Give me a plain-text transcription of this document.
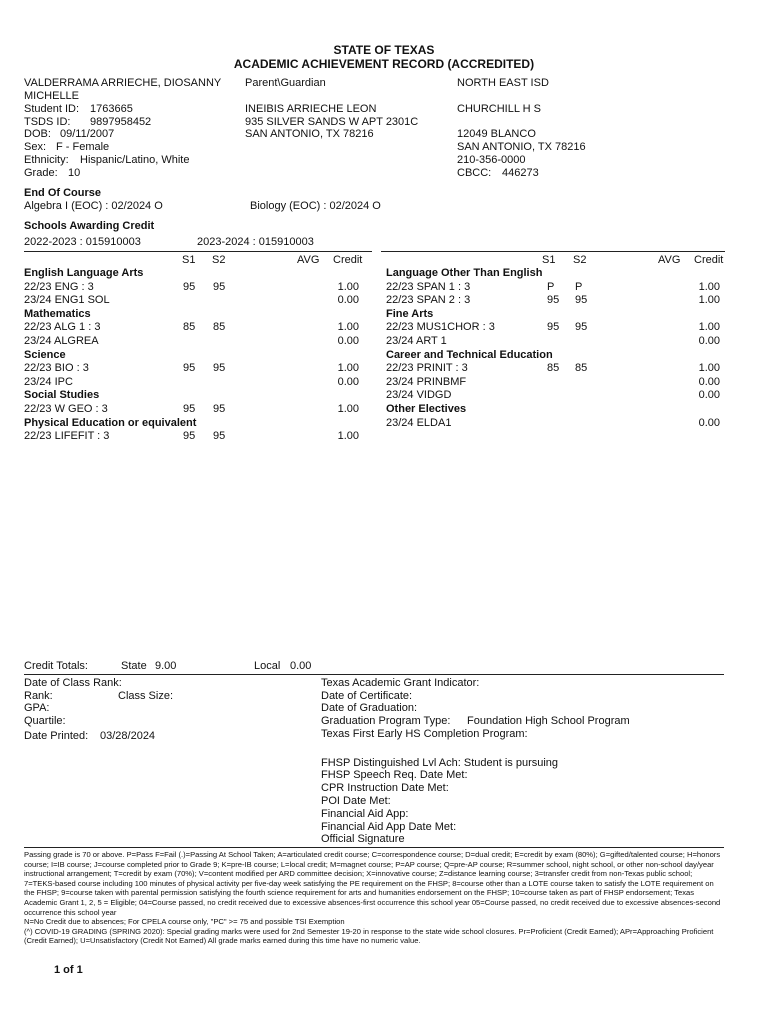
STATE OF TEXAS
ACADEMIC ACHIEVEMENT RECORD (ACCREDITED)
VALDERRAMA ARRIECHE, DIOSANNY
MICHELLE
Student ID: 1763665
TSDS ID: 9897958452
DOB: 09/11/2007
Sex: F - Female
Ethnicity: Hispanic/Latino, White
Grade: 10
Parent\Guardian
INEIBIS ARRIECHE LEON
935 SILVER SANDS W APT 2301C
SAN ANTONIO, TX 78216
NORTH EAST ISD
CHURCHILL H S
12049 BLANCO
SAN ANTONIO, TX 78216
210-356-0000
CBCC: 446273
End Of Course
Algebra I (EOC) : 02/2024 O	Biology (EOC) : 02/2024 O
Schools Awarding Credit
2022-2023 : 015910003	2023-2024 : 015910003
S1 S2	AVG Credit	S1 S2	AVG Credit
English Language Arts
22/23 ENG : 3	95 95	1.00
23/24 ENG1 SOL	0.00
Mathematics
22/23 ALG 1 : 3	85 85	1.00
23/24 ALGREA	0.00
Science
22/23 BIO : 3	95 95	1.00
23/24 IPC	0.00
Social Studies
22/23 W GEO : 3	95 95	1.00
Physical Education or equivalent
22/23 LIFEFIT : 3	95 95	1.00
Language Other Than English
22/23 SPAN 1 : 3	P P	1.00
22/23 SPAN 2 : 3	95 95	1.00
Fine Arts
22/23 MUS1CHOR : 3	95 95	1.00
23/24 ART 1	0.00
Career and Technical Education
22/23 PRINIT : 3	85 85	1.00
23/24 PRINBMF	0.00
23/24 VIDGD	0.00
Other Electives
23/24 ELDA1	0.00
Credit Totals:	State 9.00	Local 0.00
Date of Class Rank:
Rank:	Class Size:
GPA:
Quartile:
Date Printed: 03/28/2024
Texas Academic Grant Indicator:
Date of Certificate:
Date of Graduation:
Graduation Program Type: Foundation High School Program
Texas First Early HS Completion Program:
FHSP Distinguished Lvl Ach: Student is pursuing
FHSP Speech Req. Date Met:
CPR Instruction Date Met:
POI Date Met:
Financial Aid App:
Financial Aid App Date Met:
Official Signature

Passing grade is 70 or above. P=Pass F=Fail (.)=Passing At School Taken; A=articulated credit course; C=correspondence course; D=dual credit; E=credit by exam (80%); G=gifted/talented course; H=honors course; I=IB course; J=course completed prior to Grade 9; K=pre-IB course; L=local credit; M=magnet course; P=AP course; Q=pre-AP course; R=summer school, night school, or other non-school day/year instructional arrangement; T=credit by exam (70%); V=content modified per ARD committee decision; X=innovative course; Z=distance learning course; 3=transfer credit from non-Texas public school; 7=TEKS-based course including 100 minutes of physical activity per five-day week satisfying the PE requirement on the FHSP; 8=course other than a LOTE course taken to satisfy the LOTE requirement on the FHSP; 9=course taken with parental permission satisfying the fourth science requirement for arts and humanities endorsement on the FHSP; 10=course taken as part of FHSP endorsement; Texas Academic Grant 1, 2, 5 = Eligible; 04=Course passed, no credit received due to excessive absences-first occurrence this school year 05=Course passed, no credit received due to excessive absences-second occurrence this school year

N=No Credit due to absences; For CPELA course only, "PC" >= 75 and possible TSI Exemption

(^) COVID-19 GRADING (SPRING 2020): Special grading marks were used for 2nd Semester 19-20 in response to the state wide school closures. Pr=Proficient (Credit Earned); APr=Approaching Proficient (Credit Earned); U=Unsatisfactory (Credit Not Earned) All grade marks earned during this time have no numeric value.

1 of 1
